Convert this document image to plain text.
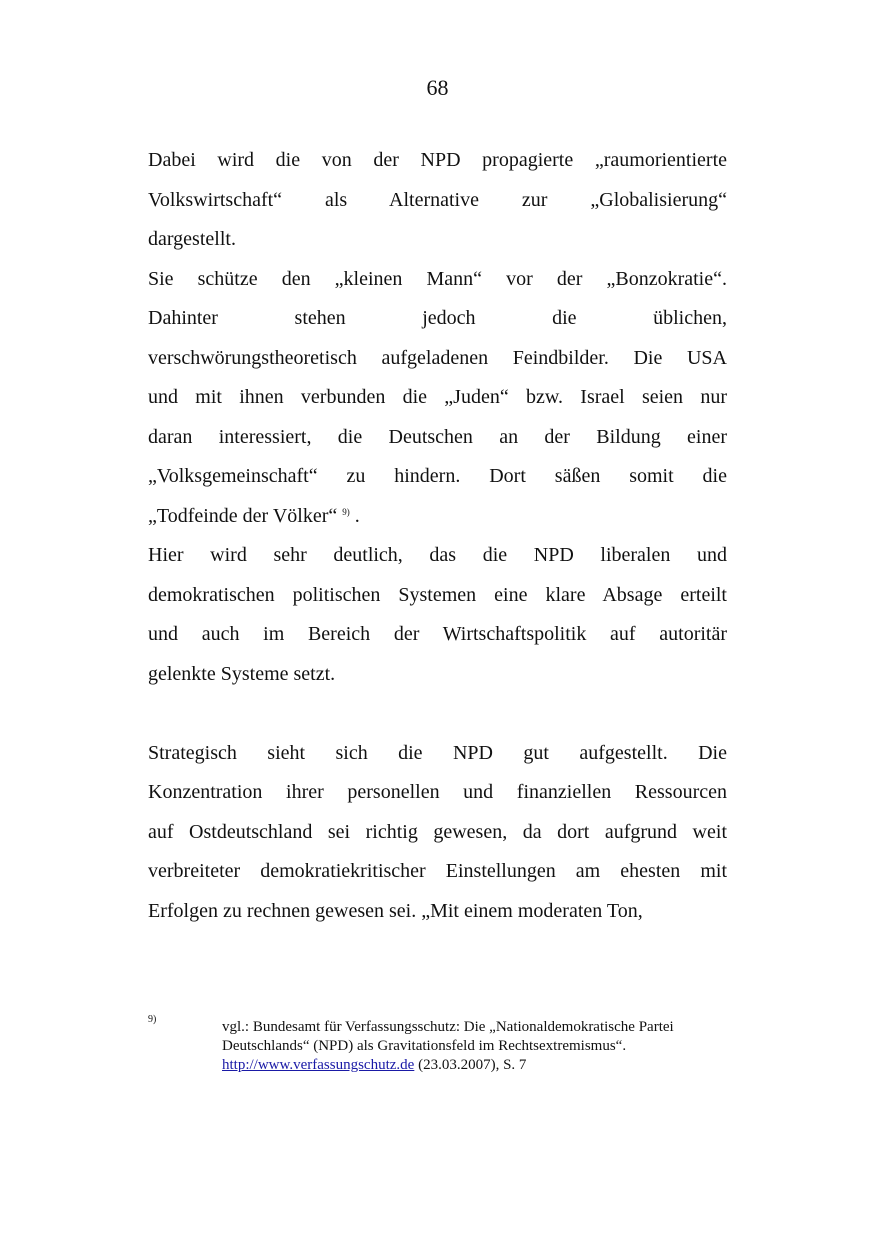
68
Dabei wird die von der NPD propagierte „raumorientierte
Volkswirtschaft“ als Alternative zur „Globalisierung“
dargestellt.
Sie schütze den „kleinen Mann“ vor der „Bonzokratie“.
Dahinter stehen jedoch die üblichen,
verschwörungstheoretisch aufgeladenen Feindbilder. Die USA
und mit ihnen verbunden die „Juden“ bzw. Israel seien nur
daran interessiert, die Deutschen an der Bildung einer
„Volksgemeinschaft“ zu hindern. Dort säßen somit die
„Todfeinde der Völker“ $^{9)}$ .
Hier wird sehr deutlich, das die NPD liberalen und
demokratischen politischen Systemen eine klare Absage erteilt
und auch im Bereich der Wirtschaftspolitik auf autoritär
gelenkte Systeme setzt.
Strategisch sieht sich die NPD gut aufgestellt. Die
Konzentration ihrer personellen und finanziellen Ressourcen
auf Ostdeutschland sei richtig gewesen, da dort aufgrund weit
verbreiteter demokratiekritischer Einstellungen am ehesten mit
Erfolgen zu rechnen gewesen sei. „Mit einem moderaten Ton,
9)	vgl.: Bundesamt für Verfassungsschutz: Die „Nationaldemokratische Partei
Deutschlands“ (NPD) als Gravitationsfeld im Rechtsextremismus“.
http://www.verfassungschutz.de (23.03.2007), S. 7
